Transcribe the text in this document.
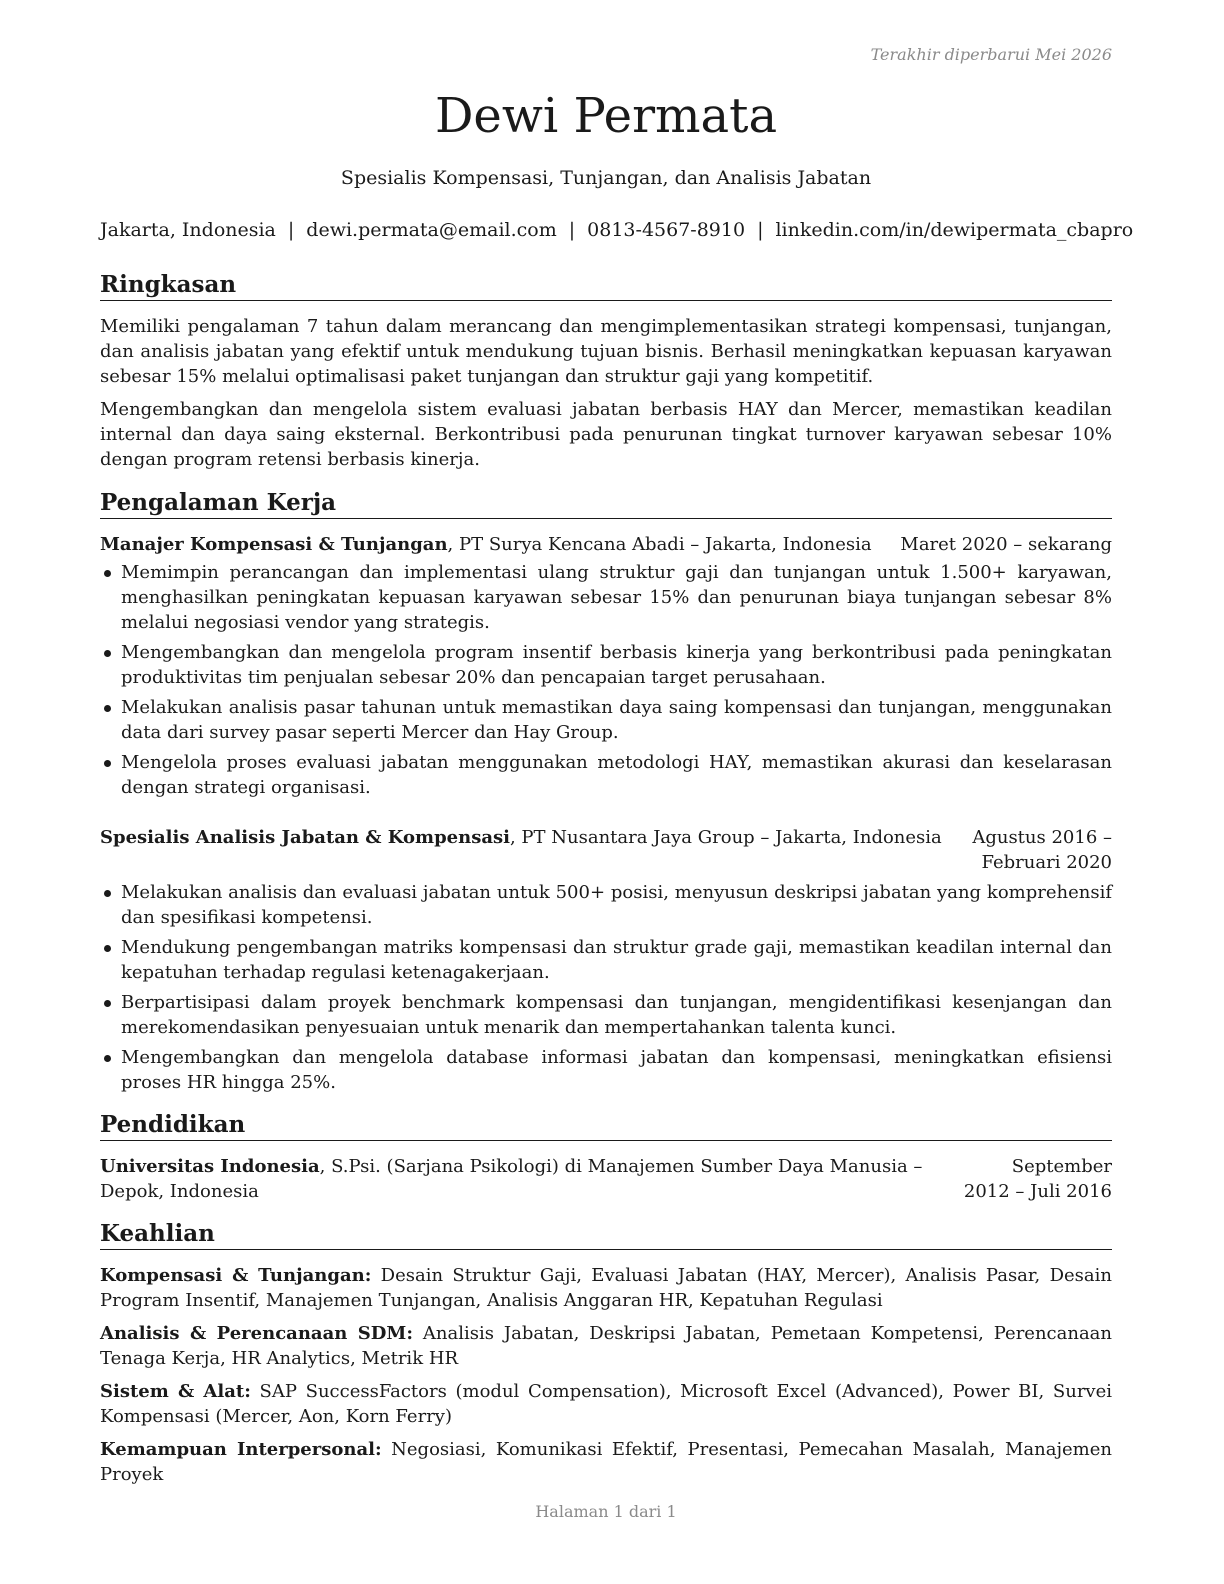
Terakhir diperbarui Mei 2026
Dewi Permata
Spesialis Kompensasi, Tunjangan, dan Analisis Jabatan
Jakarta, Indonesia | dewi.permata@email.com | 0813-4567-8910 | linkedin.com/in/dewipermata_cbapro
Ringkasan

Memiliki pengalaman 7 tahun dalam merancang dan mengimplementasikan strategi kompensasi, tunjangan, dan analisis jabatan yang efektif untuk mendukung tujuan bisnis. Berhasil meningkatkan kepuasan karyawan sebesar 15% melalui optimalisasi paket tunjangan dan struktur gaji yang kompetitif.

Mengembangkan dan mengelola sistem evaluasi jabatan berbasis HAY dan Mercer, memastikan keadilan internal dan daya saing eksternal. Berkontribusi pada penurunan tingkat turnover karyawan sebesar 10% dengan program retensi berbasis kinerja.

Pengalaman Kerja
Manajer Kompensasi & Tunjangan, PT Surya Kencana Abadi – Jakarta, Indonesia Maret 2020 – sekarang
Memimpin perancangan dan implementasi ulang struktur gaji dan tunjangan untuk 1.500+ karyawan, menghasilkan peningkatan kepuasan karyawan sebesar 15% dan penurunan biaya tunjangan sebesar 8% melalui negosiasi vendor yang strategis.
Mengembangkan dan mengelola program insentif berbasis kinerja yang berkontribusi pada peningkatan produktivitas tim penjualan sebesar 20% dan pencapaian target perusahaan.
Melakukan analisis pasar tahunan untuk memastikan daya saing kompensasi dan tunjangan, menggunakan data dari survey pasar seperti Mercer dan Hay Group.
Mengelola proses evaluasi jabatan menggunakan metodologi HAY, memastikan akurasi dan keselarasan dengan strategi organisasi.
Spesialis Analisis Jabatan & Kompensasi, PT Nusantara Jaya Group – Jakarta, Indonesia	Agustus 2016 – Februari 2020
Melakukan analisis dan evaluasi jabatan untuk 500+ posisi, menyusun deskripsi jabatan yang komprehensif dan spesifikasi kompetensi.
Mendukung pengembangan matriks kompensasi dan struktur grade gaji, memastikan keadilan internal dan kepatuhan terhadap regulasi ketenagakerjaan.
Berpartisipasi dalam proyek benchmark kompensasi dan tunjangan, mengidentifikasi kesenjangan dan merekomendasikan penyesuaian untuk menarik dan mempertahankan talenta kunci.
Mengembangkan dan mengelola database informasi jabatan dan kompensasi, meningkatkan efisiensi proses HR hingga 25%.
Pendidikan
Universitas Indonesia, S.Psi. (Sarjana Psikologi) di Manajemen Sumber Daya Manusia – Depok, Indonesia
September 2012 – Juli 2016
Keahlian

Kompensasi & Tunjangan: Desain Struktur Gaji, Evaluasi Jabatan (HAY, Mercer), Analisis Pasar, Desain Program Insentif, Manajemen Tunjangan, Analisis Anggaran HR, Kepatuhan Regulasi

Analisis & Perencanaan SDM: Analisis Jabatan, Deskripsi Jabatan, Pemetaan Kompetensi, Perencanaan Tenaga Kerja, HR Analytics, Metrik HR

Sistem & Alat: SAP SuccessFactors (modul Compensation), Microsoft Excel (Advanced), Power BI, Survei Kompensasi (Mercer, Aon, Korn Ferry)

Kemampuan Interpersonal: Negosiasi, Komunikasi Efektif, Presentasi, Pemecahan Masalah, Manajemen Proyek

Halaman 1 dari 1
